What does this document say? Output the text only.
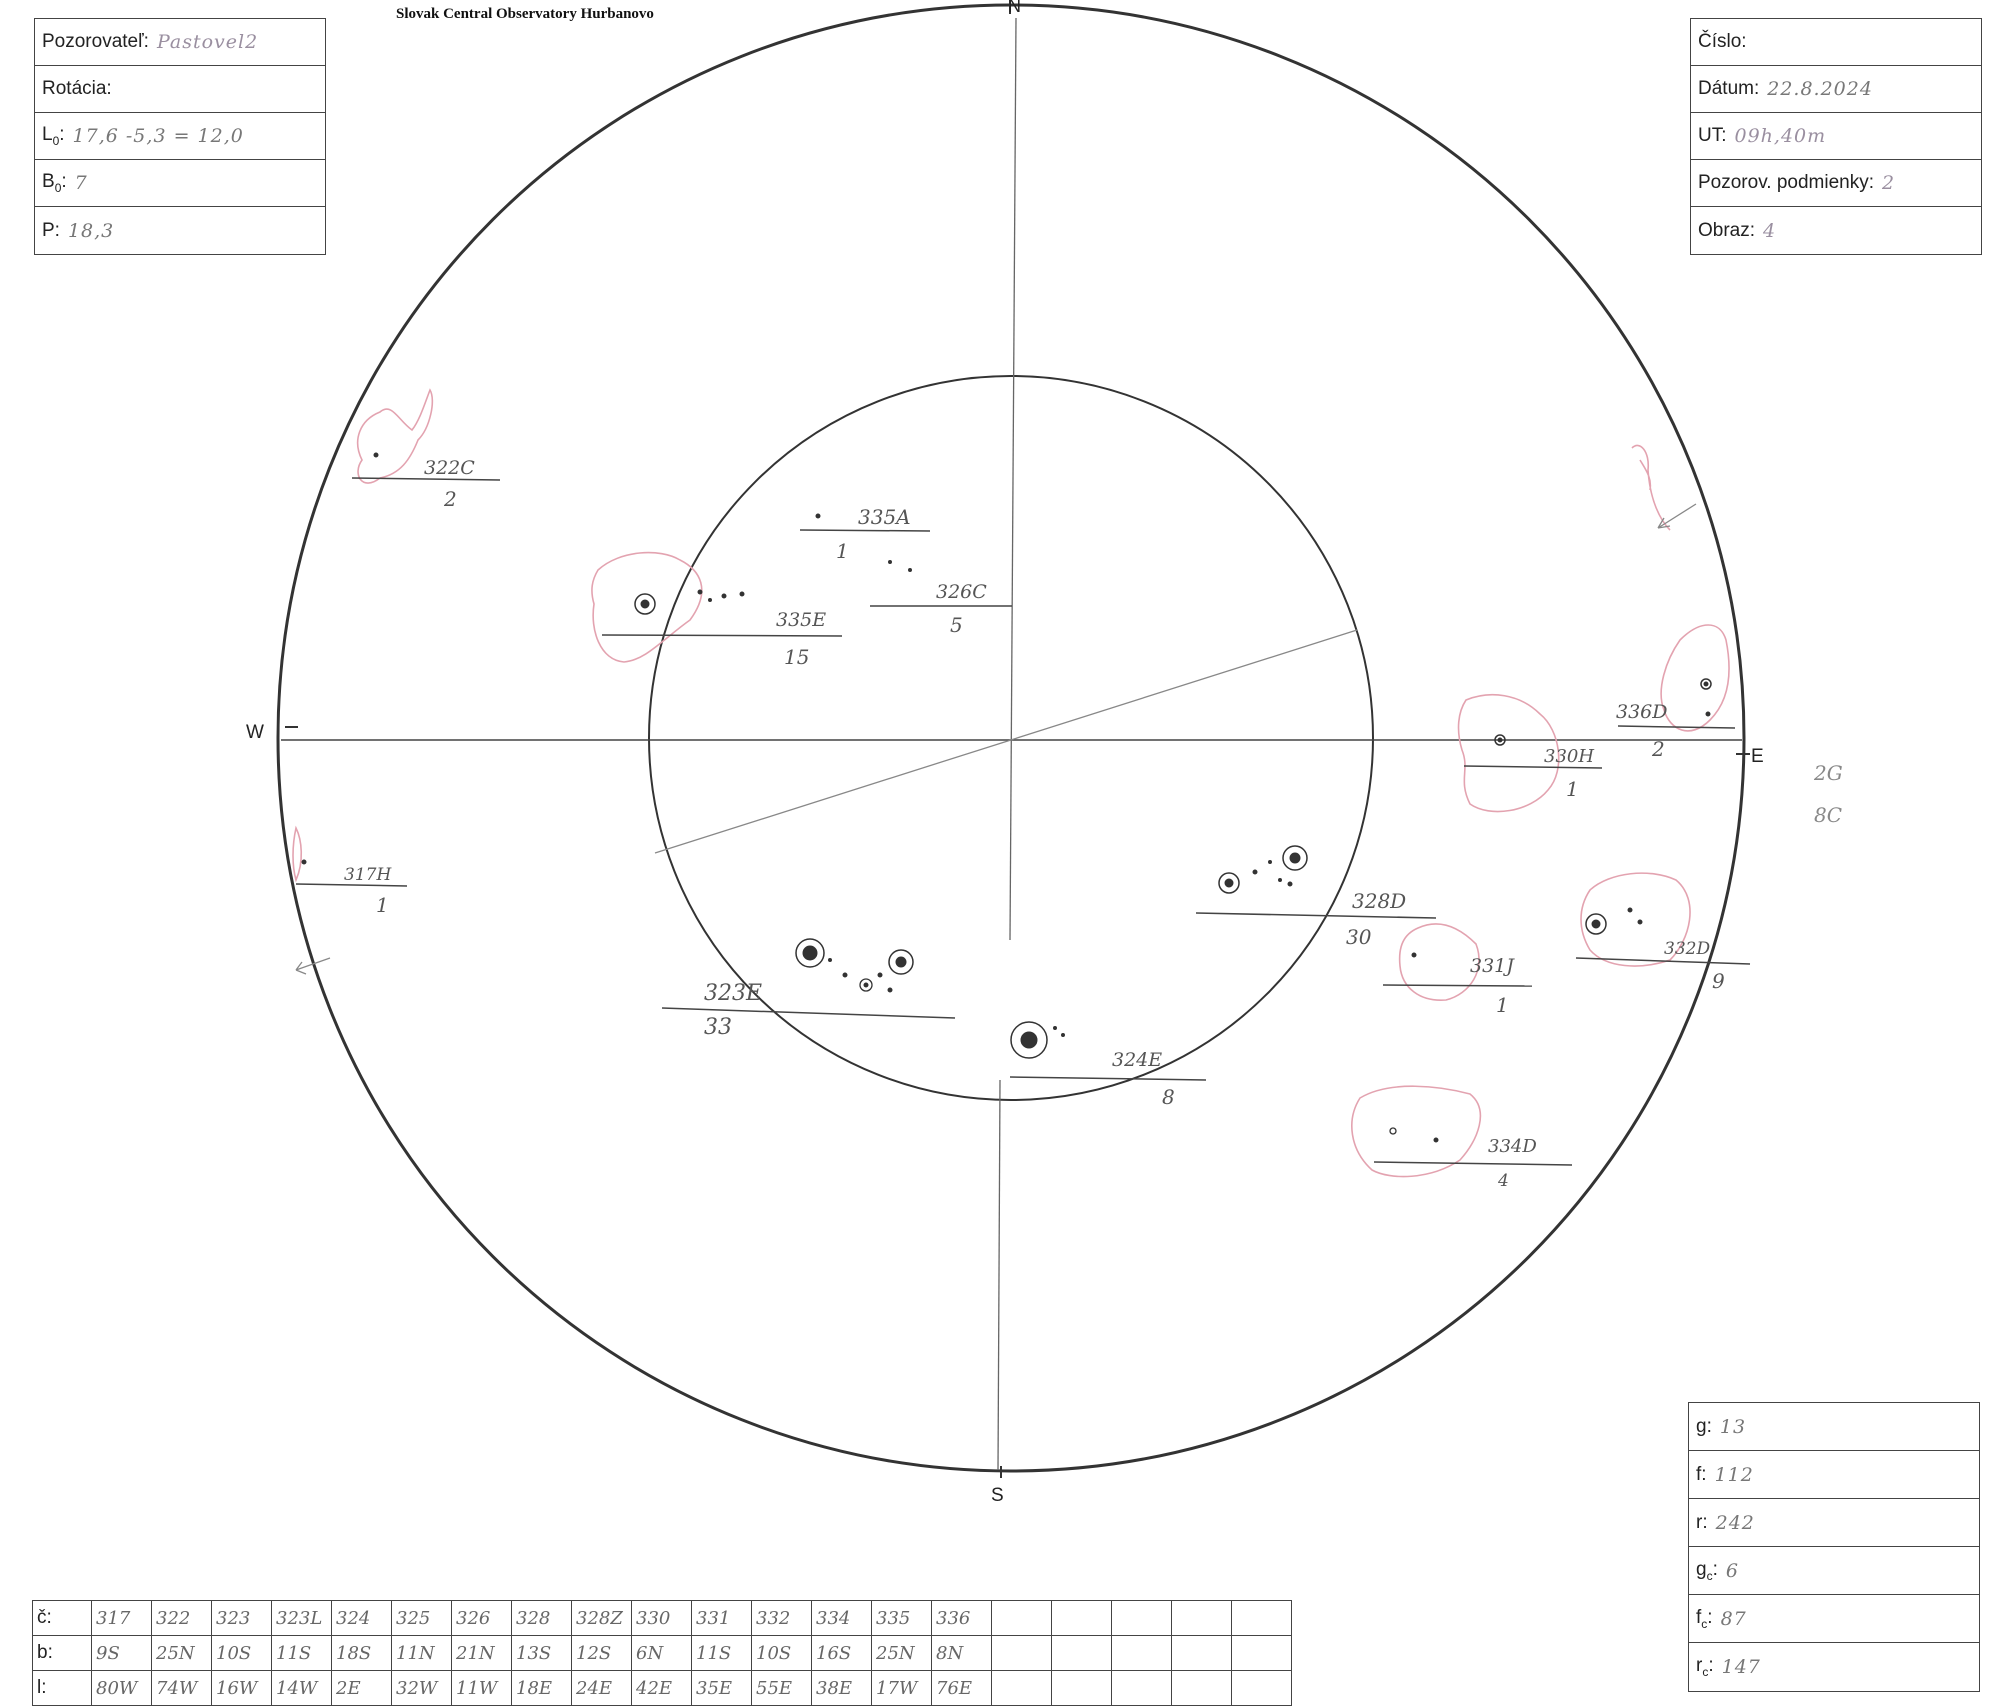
Slovak Central Observatory Hurbanovo
Pozorovateľ: Pastovel2
Rotácia:
$L_0$: 17,6 -5,3 = 12,0
$B_0$: 7
P: 18,3
Číslo:
Dátum: 22.8.2024
UT: 09h,40m
Pozorov. podmienky: 2
Obraz: 4
N
S
W
E
322C
2
335A
1
326C
5
335E
15
336D
2
330H
1
317H
1	328D
30
331J
1
332D
9
323E
33
324E
8
334D
4
2G
8C
g: 13
f: 112
r: 242
$g_c$: 6
$f_c$: 87
$r_c$: 147
č:	317	322	323	323L	324	325	326	328	328Z	330	331	332	334	335	336					
b:	9S	25N	10S	11S	18S	11N	21N	13S	12S	6N	11S	10S	16S	25N	8N					
l:	80W	74W	16W	14W	2E	32W	11W	18E	24E	42E	35E	55E	38E	17W	76E					
